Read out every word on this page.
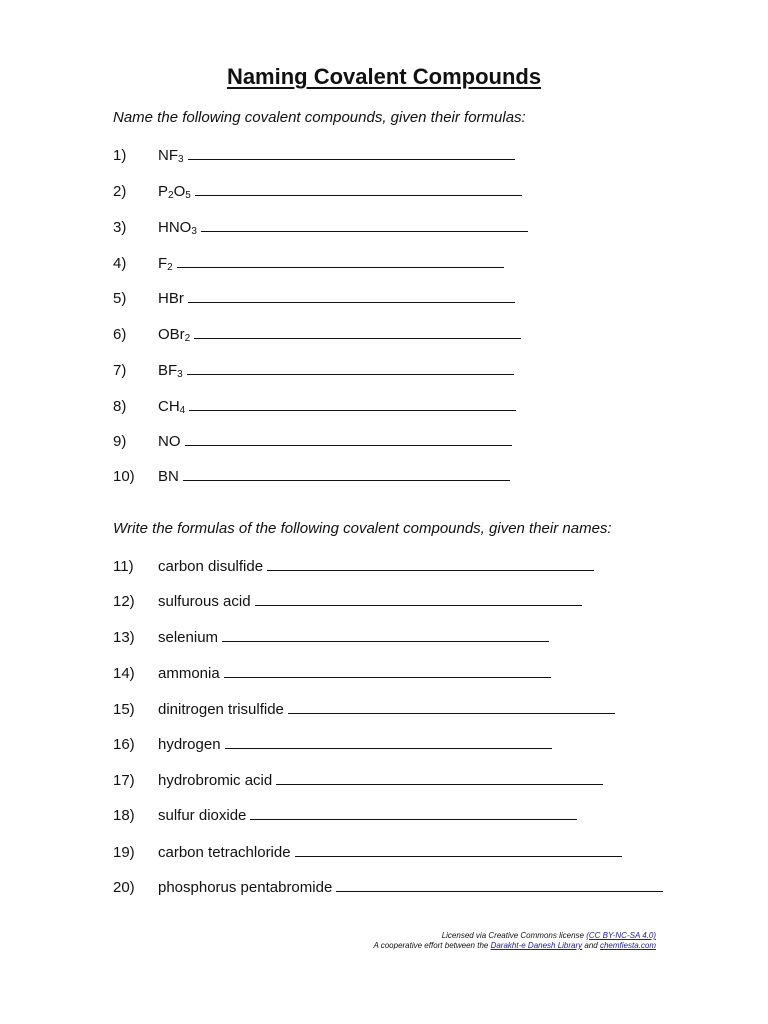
Naming Covalent Compounds

Name the following covalent compounds, given their formulas:

1) $NF_3$
2) $P_2O_5$
3) $HNO_3$
4) $F_2$
5) HBr
6) OBr$_2$
7) $BF_3$
8) $CH_4$
9) NO
10) BN

Write the formulas of the following covalent compounds, given their names:

11) carbon disulfide
12) sulfurous acid
13) selenium
14) ammonia
15) dinitrogen trisulfide
16) hydrogen
17) hydrobromic acid
18) sulfur dioxide
19) carbon tetrachloride
20) phosphorus pentabromide
Licensed via Creative Commons license (CC BY-NC-SA 4.0)
A cooperative effort between the Darakht-e Danesh Library and chemfiesta.com
